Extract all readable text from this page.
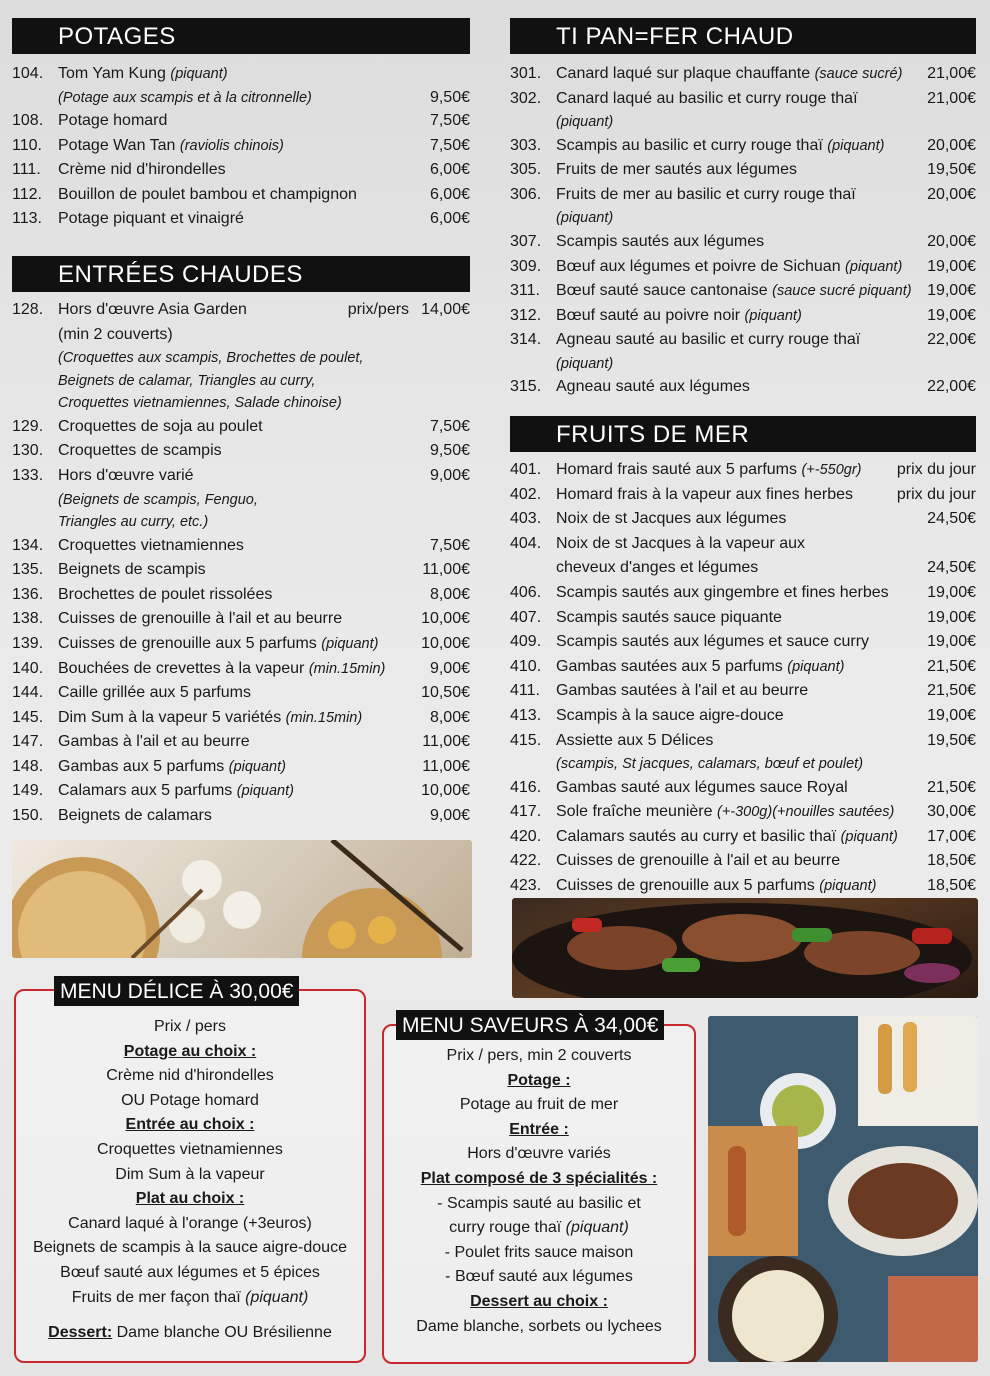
POTAGES
104. Tom Yam Kung (piquant)
(Potage aux scampis et à la citronnelle)	9,50€
108. Potage homard	7,50€
110.	Potage Wan Tan (raviolis chinois)	7,50€
111.	Crème nid d'hirondelles	6,00€
112.	Bouillon de poulet bambou et champignon	6,00€
113.	Potage piquant et vinaigré	6,00€
ENTRÉES CHAUDES
128. Hors d'œuvre Asia Garden	prix/pers 14,00€
(min 2 couverts)
(Croquettes aux scampis, Brochettes de poulet,
Beignets de calamar, Triangles au curry,
Croquettes vietnamiennes, Salade chinoise)
129. Croquettes de soja au poulet	7,50€
130. Croquettes de scampis	9,50€
133. Hors d'œuvre varié	9,00€
(Beignets de scampis, Fenguo,
Triangles au curry, etc.)
134. Croquettes vietnamiennes	7,50€
135. Beignets de scampis	11,00€
136. Brochettes de poulet rissolées	8,00€
138. Cuisses de grenouille à l'ail et au beurre	10,00€
139. Cuisses de grenouille aux 5 parfums (piquant)	10,00€
140. Bouchées de crevettes à la vapeur (min.15min)	9,00€
144. Caille grillée aux 5 parfums	10,50€
145. Dim Sum à la vapeur 5 variétés (min.15min)	8,00€
147. Gambas à l'ail et au beurre	11,00€
148. Gambas aux 5 parfums (piquant)	11,00€
149. Calamars aux 5 parfums (piquant)	10,00€
150. Beignets de calamars	9,00€
TI PAN=FER CHAUD
301. Canard laqué sur plaque chauffante (sauce sucré)	21,00€
302. Canard laqué au basilic et curry rouge thaï	21,00€
(piquant)
303. Scampis au basilic et curry rouge thaï (piquant)	20,00€
305. Fruits de mer sautés aux légumes	19,50€
306. Fruits de mer au basilic et curry rouge thaï	20,00€
(piquant)
307. Scampis sautés aux légumes	20,00€
309. Bœuf aux légumes et poivre de Sichuan (piquant)	19,00€
311.	Bœuf sauté sauce cantonaise (sauce sucré piquant) 19,00€
312. Bœuf sauté au poivre noir (piquant)	19,00€
314. Agneau sauté au basilic et curry rouge thaï	22,00€
(piquant)
315. Agneau sauté aux légumes	22,00€
FRUITS DE MER
401. Homard frais sauté aux 5 parfums (+-550gr)	prix du jour
402. Homard frais à la vapeur aux fines herbes	prix du jour
403. Noix de st Jacques aux légumes	24,50€
404. Noix de st Jacques à la vapeur aux
cheveux d'anges et légumes	24,50€
406. Scampis sautés aux gingembre et fines herbes	19,00€
407. Scampis sautés sauce piquante	19,00€
409. Scampis sautés aux légumes et sauce curry	19,00€
410. Gambas sautées aux 5 parfums (piquant)	21,50€
411.	Gambas sautées à l'ail et au beurre	21,50€
413. Scampis à la sauce aigre-douce	19,00€
415. Assiette aux 5 Délices	19,50€
(scampis, St jacques, calamars, bœuf et poulet)
416. Gambas sauté aux légumes sauce Royal	21,50€
417. Sole fraîche meunière (+-300g)(+nouilles sautées)	30,00€
420. Calamars sautés au curry et basilic thaï (piquant)	17,00€
422. Cuisses de grenouille à l'ail et au beurre	18,50€
423. Cuisses de grenouille aux 5 parfums (piquant)	18,50€
Prix / pers
Potage au choix :
Crème nid d'hirondelles
OU Potage homard
Entrée au choix :
Croquettes vietnamiennes
Dim Sum à la vapeur
Plat au choix :
Canard laqué à l'orange (+3euros)
Beignets de scampis à la sauce aigre-douce
Bœuf sauté aux légumes et 5 épices
Fruits de mer façon thaï (piquant)
Dessert: Dame blanche OU Brésilienne
MENU DÉLICE À 30,00€
Prix / pers, min 2 couverts
Potage :
Potage au fruit de mer
Entrée :
Hors d'œuvre variés
Plat composé de 3 spécialités :
- Scampis sauté au basilic et
curry rouge thaï (piquant)
- Poulet frits sauce maison
- Bœuf sauté aux légumes
Dessert au choix :
Dame blanche, sorbets ou lychees
MENU SAVEURS À 34,00€
